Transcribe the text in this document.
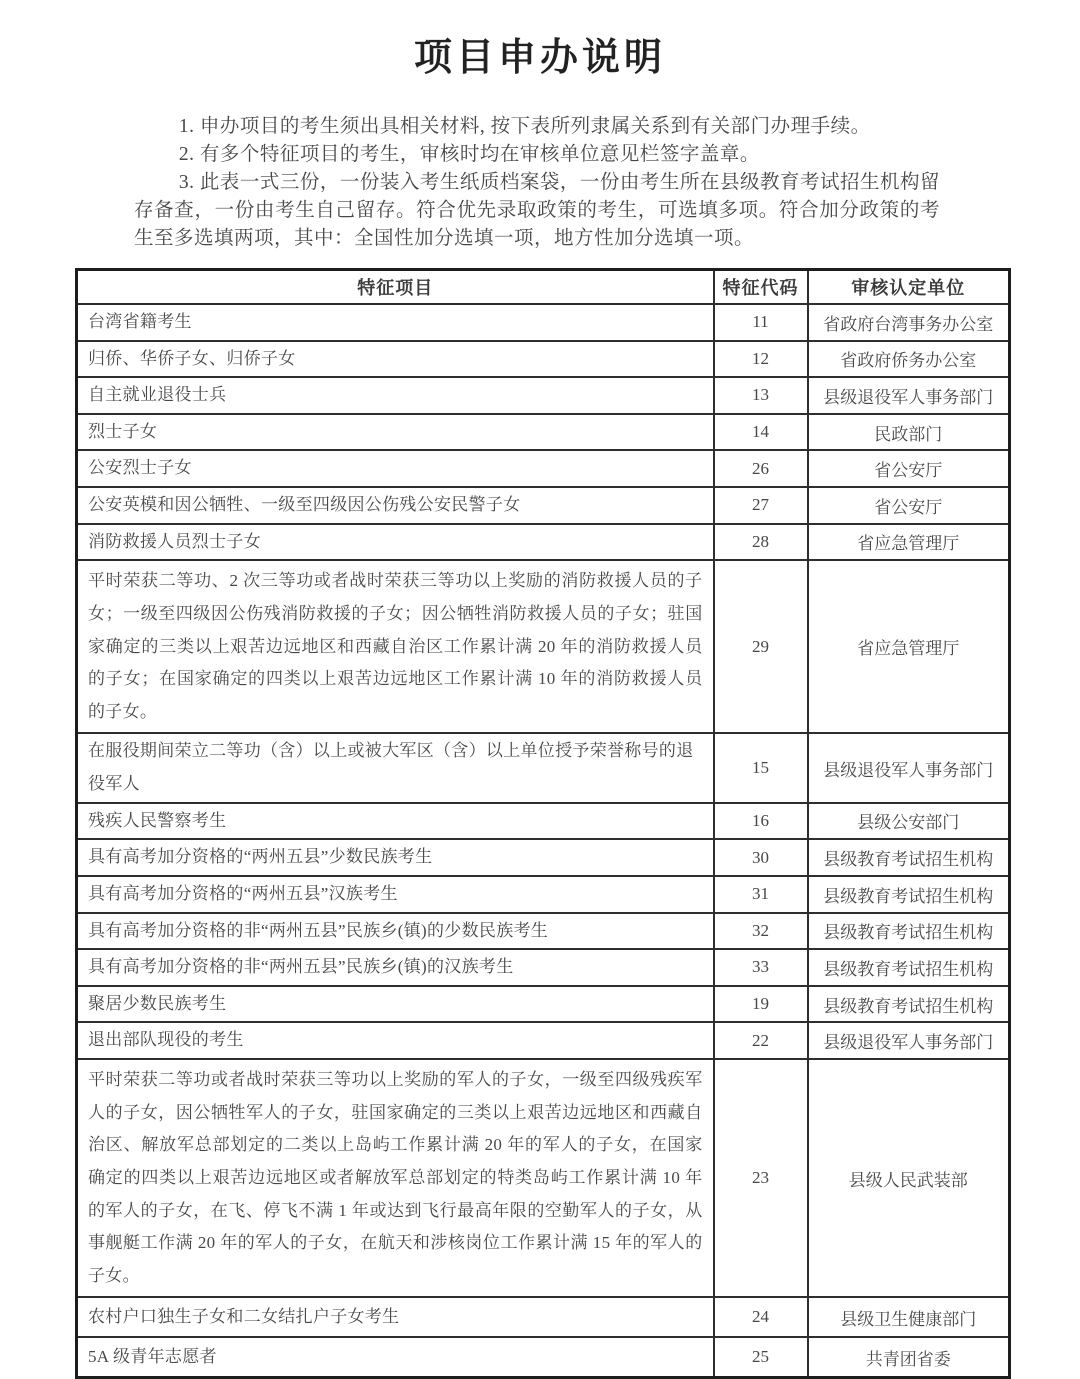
项目申办说明

1. 申办项目的考生须出具相关材料, 按下表所列隶属关系到有关部门办理手续。

2. 有多个特征项目的考生，审核时均在审核单位意见栏签字盖章。

3. 此表一式三份，一份装入考生纸质档案袋，一份由考生所在县级教育考试招生机构留存备查，一份由考生自己留存。符合优先录取政策的考生，可选填多项。符合加分政策的考生至多选填两项，其中：全国性加分选填一项，地方性加分选填一项。

特征项目	特征代码	审核认定单位
台湾省籍考生	11	省政府台湾事务办公室
归侨、华侨子女、归侨子女	12	省政府侨务办公室
自主就业退役士兵	13	县级退役军人事务部门
烈士子女	14	民政部门
公安烈士子女	26	省公安厅
公安英模和因公牺牲、一级至四级因公伤残公安民警子女	27	省公安厅
消防救援人员烈士子女	28	省应急管理厅
平时荣获二等功、2 次三等功或者战时荣获三等功以上奖励的消防救援人员的子女；一级至四级因公伤残消防救援的子女；因公牺牲消防救援人员的子女；驻国家确定的三类以上艰苦边远地区和西藏自治区工作累计满 20 年的消防救援人员的子女；在国家确定的四类以上艰苦边远地区工作累计满 10 年的消防救援人员的子女。	29	省应急管理厅
在服役期间荣立二等功（含）以上或被大军区（含）以上单位授予荣誉称号的退役军人	15	县级退役军人事务部门
残疾人民警察考生	16	县级公安部门
具有高考加分资格的“两州五县”少数民族考生	30	县级教育考试招生机构
具有高考加分资格的“两州五县”汉族考生	31	县级教育考试招生机构
具有高考加分资格的非“两州五县”民族乡(镇)的少数民族考生	32	县级教育考试招生机构
具有高考加分资格的非“两州五县”民族乡(镇)的汉族考生	33	县级教育考试招生机构
聚居少数民族考生	19	县级教育考试招生机构
退出部队现役的考生	22	县级退役军人事务部门
平时荣获二等功或者战时荣获三等功以上奖励的军人的子女，一级至四级残疾军人的子女，因公牺牲军人的子女，驻国家确定的三类以上艰苦边远地区和西藏自治区、解放军总部划定的二类以上岛屿工作累计满 20 年的军人的子女，在国家确定的四类以上艰苦边远地区或者解放军总部划定的特类岛屿工作累计满 10 年的军人的子女，在飞、停飞不满 1 年或达到飞行最高年限的空勤军人的子女，从事舰艇工作满 20 年的军人的子女，在航天和涉核岗位工作累计满 15 年的军人的子女。	23	县级人民武装部
农村户口独生子女和二女结扎户子女考生	24	县级卫生健康部门
5A 级青年志愿者	25	共青团省委
